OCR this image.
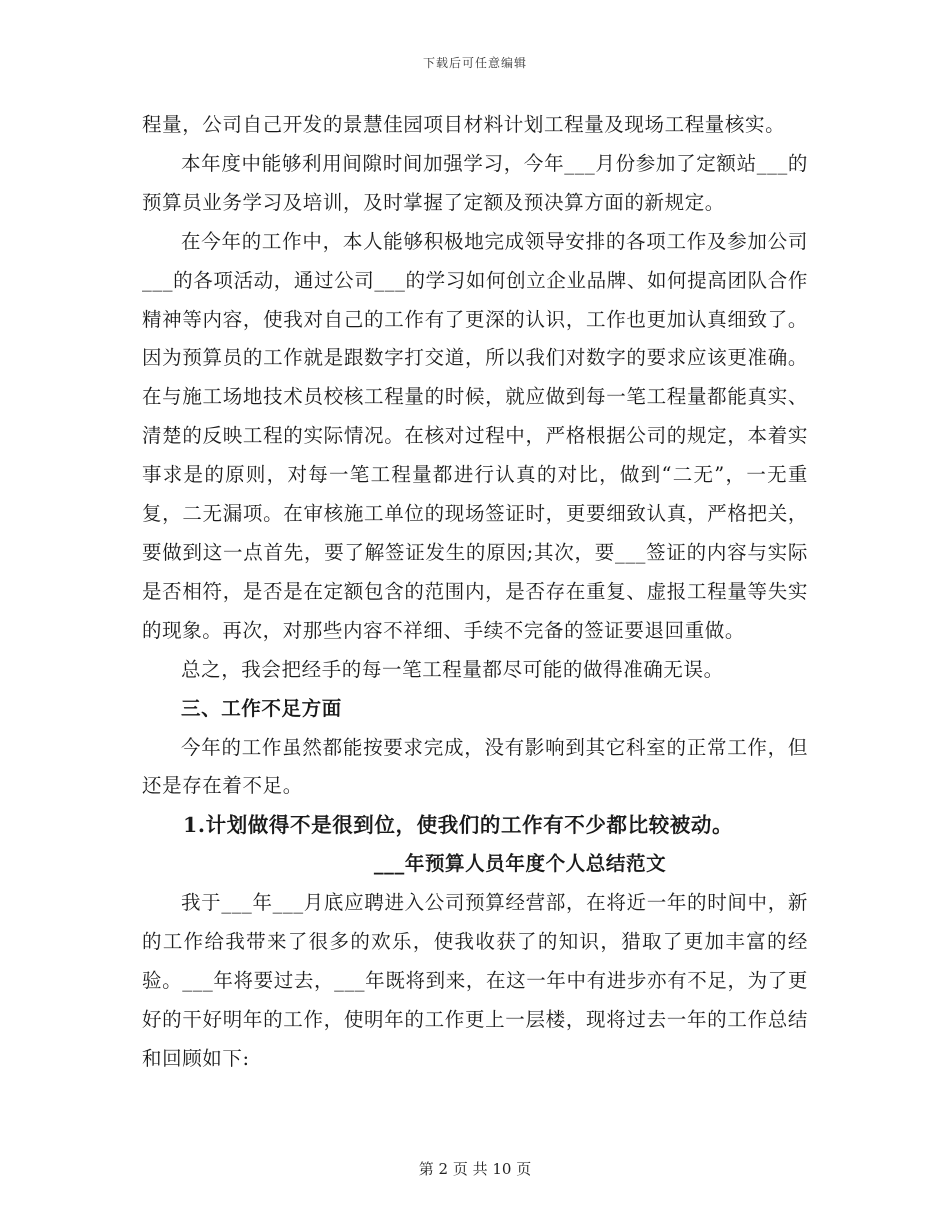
下载后可任意编辑

程量，公司自己开发的景慧佳园项目材料计划工程量及现场工程量核实。

本年度中能够利用间隙时间加强学习，今年___月份参加了定额站___的预算员业务学习及培训，及时掌握了定额及预决算方面的新规定。

在今年的工作中，本人能够积极地完成领导安排的各项工作及参加公司___的各项活动，通过公司___的学习如何创立企业品牌、如何提高团队合作精神等内容，使我对自己的工作有了更深的认识，工作也更加认真细致了。因为预算员的工作就是跟数字打交道，所以我们对数字的要求应该更准确。在与施工场地技术员校核工程量的时候，就应做到每一笔工程量都能真实、清楚的反映工程的实际情况。在核对过程中，严格根据公司的规定，本着实事求是的原则，对每一笔工程量都进行认真的对比，做到“二无”，一无重复，二无漏项。在审核施工单位的现场签证时，更要细致认真，严格把关，要做到这一点首先，要了解签证发生的原因;其次，要___签证的内容与实际是否相符，是否是在定额包含的范围内，是否存在重复、虚报工程量等失实的现象。再次，对那些内容不祥细、手续不完备的签证要退回重做。

总之，我会把经手的每一笔工程量都尽可能的做得准确无误。

三、工作不足方面

今年的工作虽然都能按要求完成，没有影响到其它科室的正常工作，但还是存在着不足。

1.计划做得不是很到位，使我们的工作有不少都比较被动。

___年预算人员年度个人总结范文

我于___年___月底应聘进入公司预算经营部，在将近一年的时间中，新的工作给我带来了很多的欢乐，使我收获了的知识，猎取了更加丰富的经验。___年将要过去，___年既将到来，在这一年中有进步亦有不足，为了更好的干好明年的工作，使明年的工作更上一层楼，现将过去一年的工作总结和回顾如下:

第 2 页 共 10 页
